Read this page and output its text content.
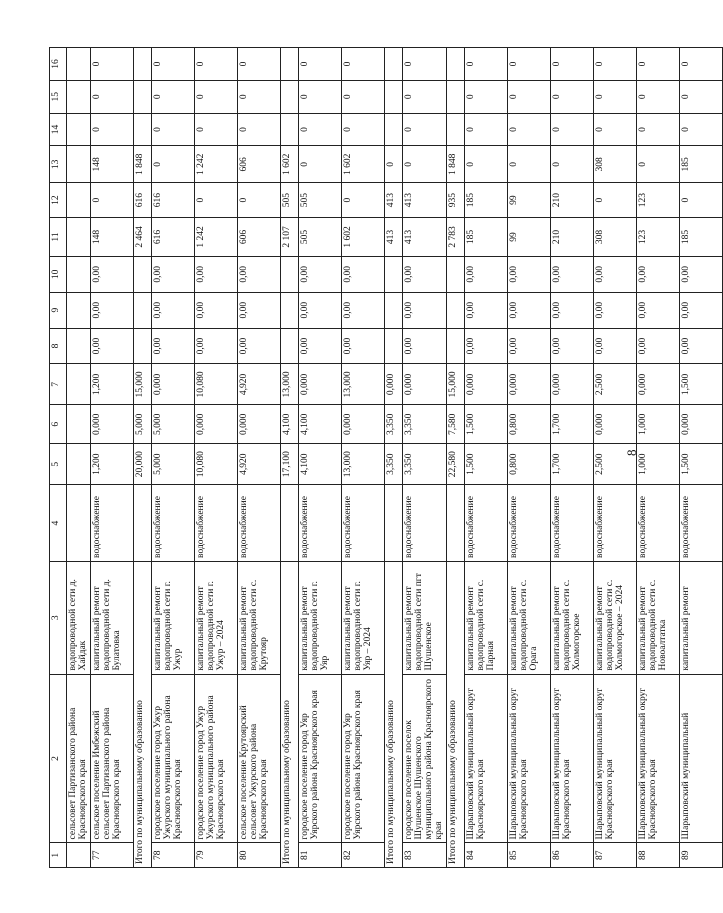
8
1	2	3	4	5	6	7	8	9	10	11	12	13	14	15	16
	сельсовет Партизанского района Красноярского края	водопроводной сети д. Хайдак													
77	сельское поселение Имбежский сельсовет Партизанского района Красноярского края	капитальный ремонт водопроводной сети д. Булатовка	водоснабжение	1,200	0,000	1,200	0,00	0,00	0,00	148	0	148	0	0	0
Итого по муниципальному образованию				20,000	5,000	15,000				2 464	616	1 848			
78	городское поселение город Ужур Ужурского муниципального района Красноярского края	капитальный ремонт водопроводной сети г. Ужур	водоснабжение	5,000	5,000	0,000	0,00	0,00	0,00	616	616	0	0	0	0
79	городское поселение город Ужур Ужурского муниципального района Красноярского края	капитальный ремонт водопроводной сети г. Ужур – 2024	водоснабжение	10,080	0,000	10,080	0,00	0,00	0,00	1 242	0	1 242	0	0	0
80	сельское поселение Крутоярский сельсовет Ужурского района Красноярского края	капитальный ремонт водопроводной сети с. Крутояр	водоснабжение	4,920	0,000	4,920	0,00	0,00	0,00	606	0	606	0	0	0
Итого по муниципальному образованию				17,100	4,100	13,000				2 107	505	1 602			
81	городское поселение город Уяр Уярского района Красноярского края	капитальный ремонт водопроводной сети г. Уяр	водоснабжение	4,100	4,100	0,000	0,00	0,00	0,00	505	505	0	0	0	0
82	городское поселение город Уяр Уярского района Красноярского края	капитальный ремонт водопроводной сети г. Уяр – 2024	водоснабжение	13,000	0,000	13,000	0,00	0,00	0,00	1 602	0	1 602	0	0	0
Итого по муниципальному образованию				3,350	3,350	0,000				413	413	0			
83	городское поселение поселок Шушенское Шушенского муниципального района Красноярского края	капитальный ремонт водопроводной сети пгт Шушенское	водоснабжение	3,350	3,350	0,000	0,00	0,00	0,00	413	413	0	0	0	0
Итого по муниципальному образованию				22,580	7,580	15,000				2 783	935	1 848			
84	Шарыповский муниципальный округ Красноярского края	капитальный ремонт водопроводной сети с. Парная	водоснабжение	1,500	1,500	0,000	0,00	0,00	0,00	185	185	0	0	0	0
85	Шарыповский муниципальный округ Красноярского края	капитальный ремонт водопроводной сети с. Орага	водоснабжение	0,800	0,800	0,000	0,00	0,00	0,00	99	99	0	0	0	0
86	Шарыповский муниципальный округ Красноярского края	капитальный ремонт водопроводной сети с. Холмогорское	водоснабжение	1,700	1,700	0,000	0,00	0,00	0,00	210	210	0	0	0	0
87	Шарыповский муниципальный округ Красноярского края	капитальный ремонт водопроводной сети с. Холмогорское – 2024	водоснабжение	2,500	0,000	2,500	0,00	0,00	0,00	308	0	308	0	0	0
88	Шарыповский муниципальный округ Красноярского края	капитальный ремонт водопроводной сети с. Новоалтатка	водоснабжение	1,000	1,000	0,000	0,00	0,00	0,00	123	123	0	0	0	0
89	Шарыповский муниципальный	капитальный ремонт	водоснабжение	1,500	0,000	1,500	0,00	0,00	0,00	185	0	185	0	0	0
